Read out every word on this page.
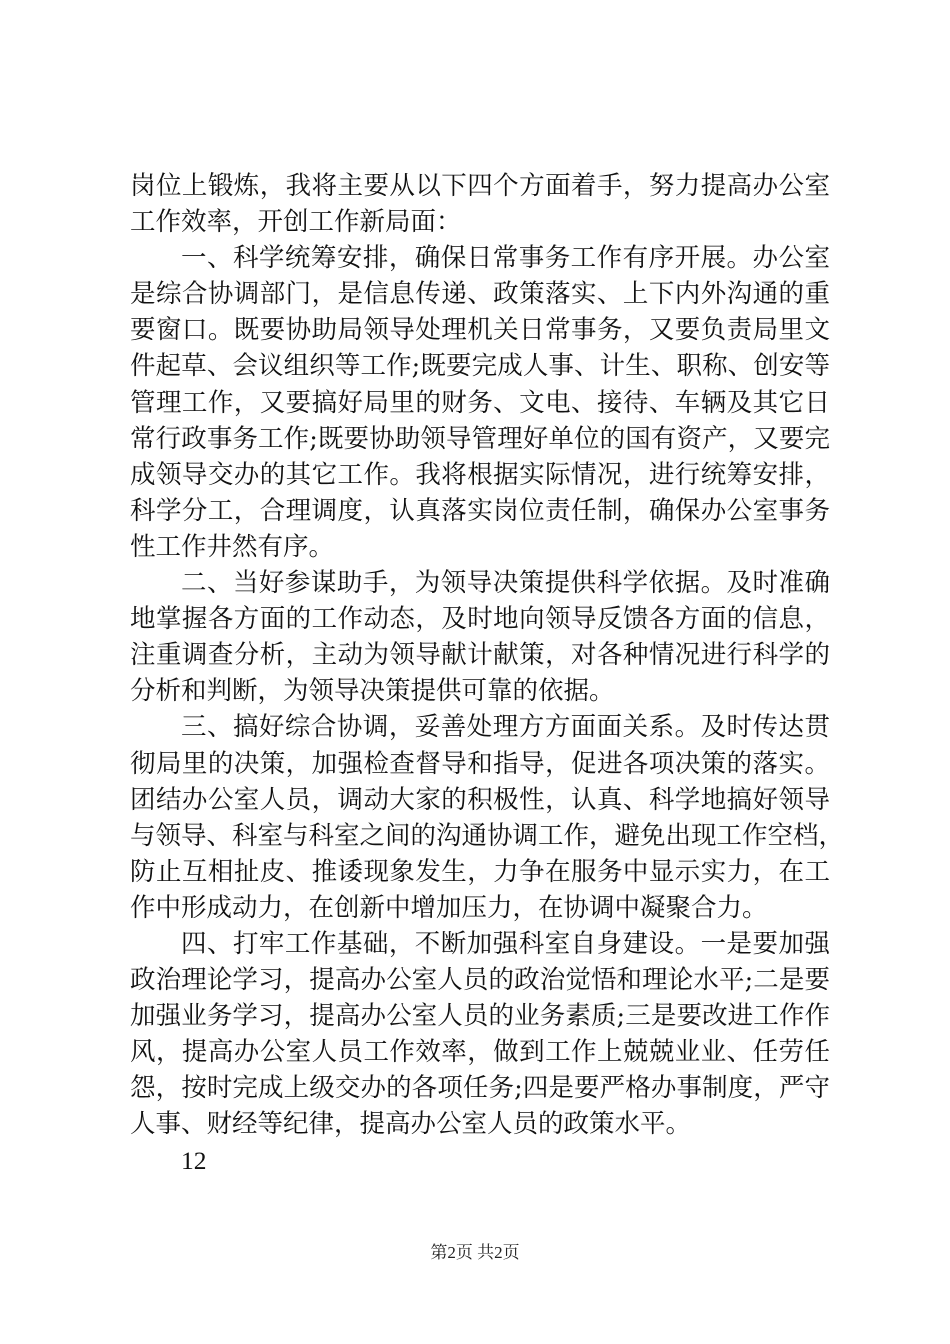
岗位上锻炼，我将主要从以下四个方面着手，努力提高办公室
工作效率，开创工作新局面：
一、科学统筹安排，确保日常事务工作有序开展。办公室
是综合协调部门，是信息传递、政策落实、上下内外沟通的重
要窗口。既要协助局领导处理机关日常事务，又要负责局里文
件起草、会议组织等工作;既要完成人事、计生、职称、创安等
管理工作，又要搞好局里的财务、文电、接待、车辆及其它日
常行政事务工作;既要协助领导管理好单位的国有资产，又要完
成领导交办的其它工作。我将根据实际情况，进行统筹安排，
科学分工，合理调度，认真落实岗位责任制，确保办公室事务
性工作井然有序。
二、当好参谋助手，为领导决策提供科学依据。及时准确
地掌握各方面的工作动态，及时地向领导反馈各方面的信息，
注重调查分析，主动为领导献计献策，对各种情况进行科学的
分析和判断，为领导决策提供可靠的依据。
三、搞好综合协调，妥善处理方方面面关系。及时传达贯
彻局里的决策，加强检查督导和指导，促进各项决策的落实。
团结办公室人员，调动大家的积极性，认真、科学地搞好领导
与领导、科室与科室之间的沟通协调工作，避免出现工作空档，
防止互相扯皮、推诿现象发生，力争在服务中显示实力，在工
作中形成动力，在创新中增加压力，在协调中凝聚合力。
四、打牢工作基础，不断加强科室自身建设。一是要加强
政治理论学习，提高办公室人员的政治觉悟和理论水平;二是要
加强业务学习，提高办公室人员的业务素质;三是要改进工作作
风，提高办公室人员工作效率，做到工作上兢兢业业、任劳任
怨，按时完成上级交办的各项任务;四是要严格办事制度，严守
人事、财经等纪律，提高办公室人员的政策水平。
12
第2页 共2页
